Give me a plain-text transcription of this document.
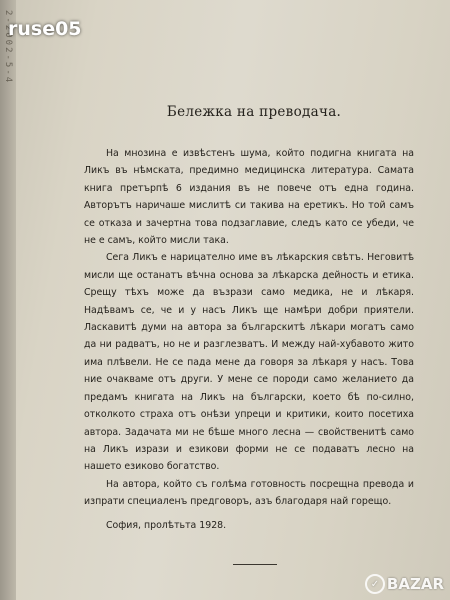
2-2002-5-4
Бележка на преводача.

На мнозина е извѣстенъ шума, който подигна книгата на Ликъ въ нѣмската, предимно медицинска литература. Самата книга претърпѣ 6 издания въ не повече отъ една година. Авторътъ наричаше мислитѣ си такива на еретикъ. Но той самъ се отказа и зачертна това подзаглавие, следъ като се убеди, че не е самъ, който мисли така.

Сега Ликъ е нарицателно име въ лѣкарския свѣтъ. Неговитѣ мисли ще останатъ вѣчна основа за лѣкарска дейность и етика. Срещу тѣхъ може да възрази само медика, не и лѣкаря. Надѣвамъ се, че и у насъ Ликъ ще намѣри добри приятели. Ласкавитѣ думи на автора за българскитѣ лѣкари могатъ само да ни радватъ, но не и разглезватъ. И между най-хубавото жито има плѣвели. Не се пада мене да говоря за лѣкаря у насъ. Това ние очакваме отъ други. У мене се породи само желанието да предамъ книгата на Ликъ на български, което бѣ по-силно, отколкото страха отъ онѣзи упреци и критики, които посетиха автора. Задачата ми не бѣше много лесна — свойственитѣ само на Ликъ изрази и езикови форми не се подаватъ лесно на нашето езиково богатство.

На автора, който съ голѣма готовность посрещна превода и изпрати специаленъ предговоръ, азъ благодаря най горещо.

София, пролѣтьта 1928.

ruse05
✓ BAZAR
